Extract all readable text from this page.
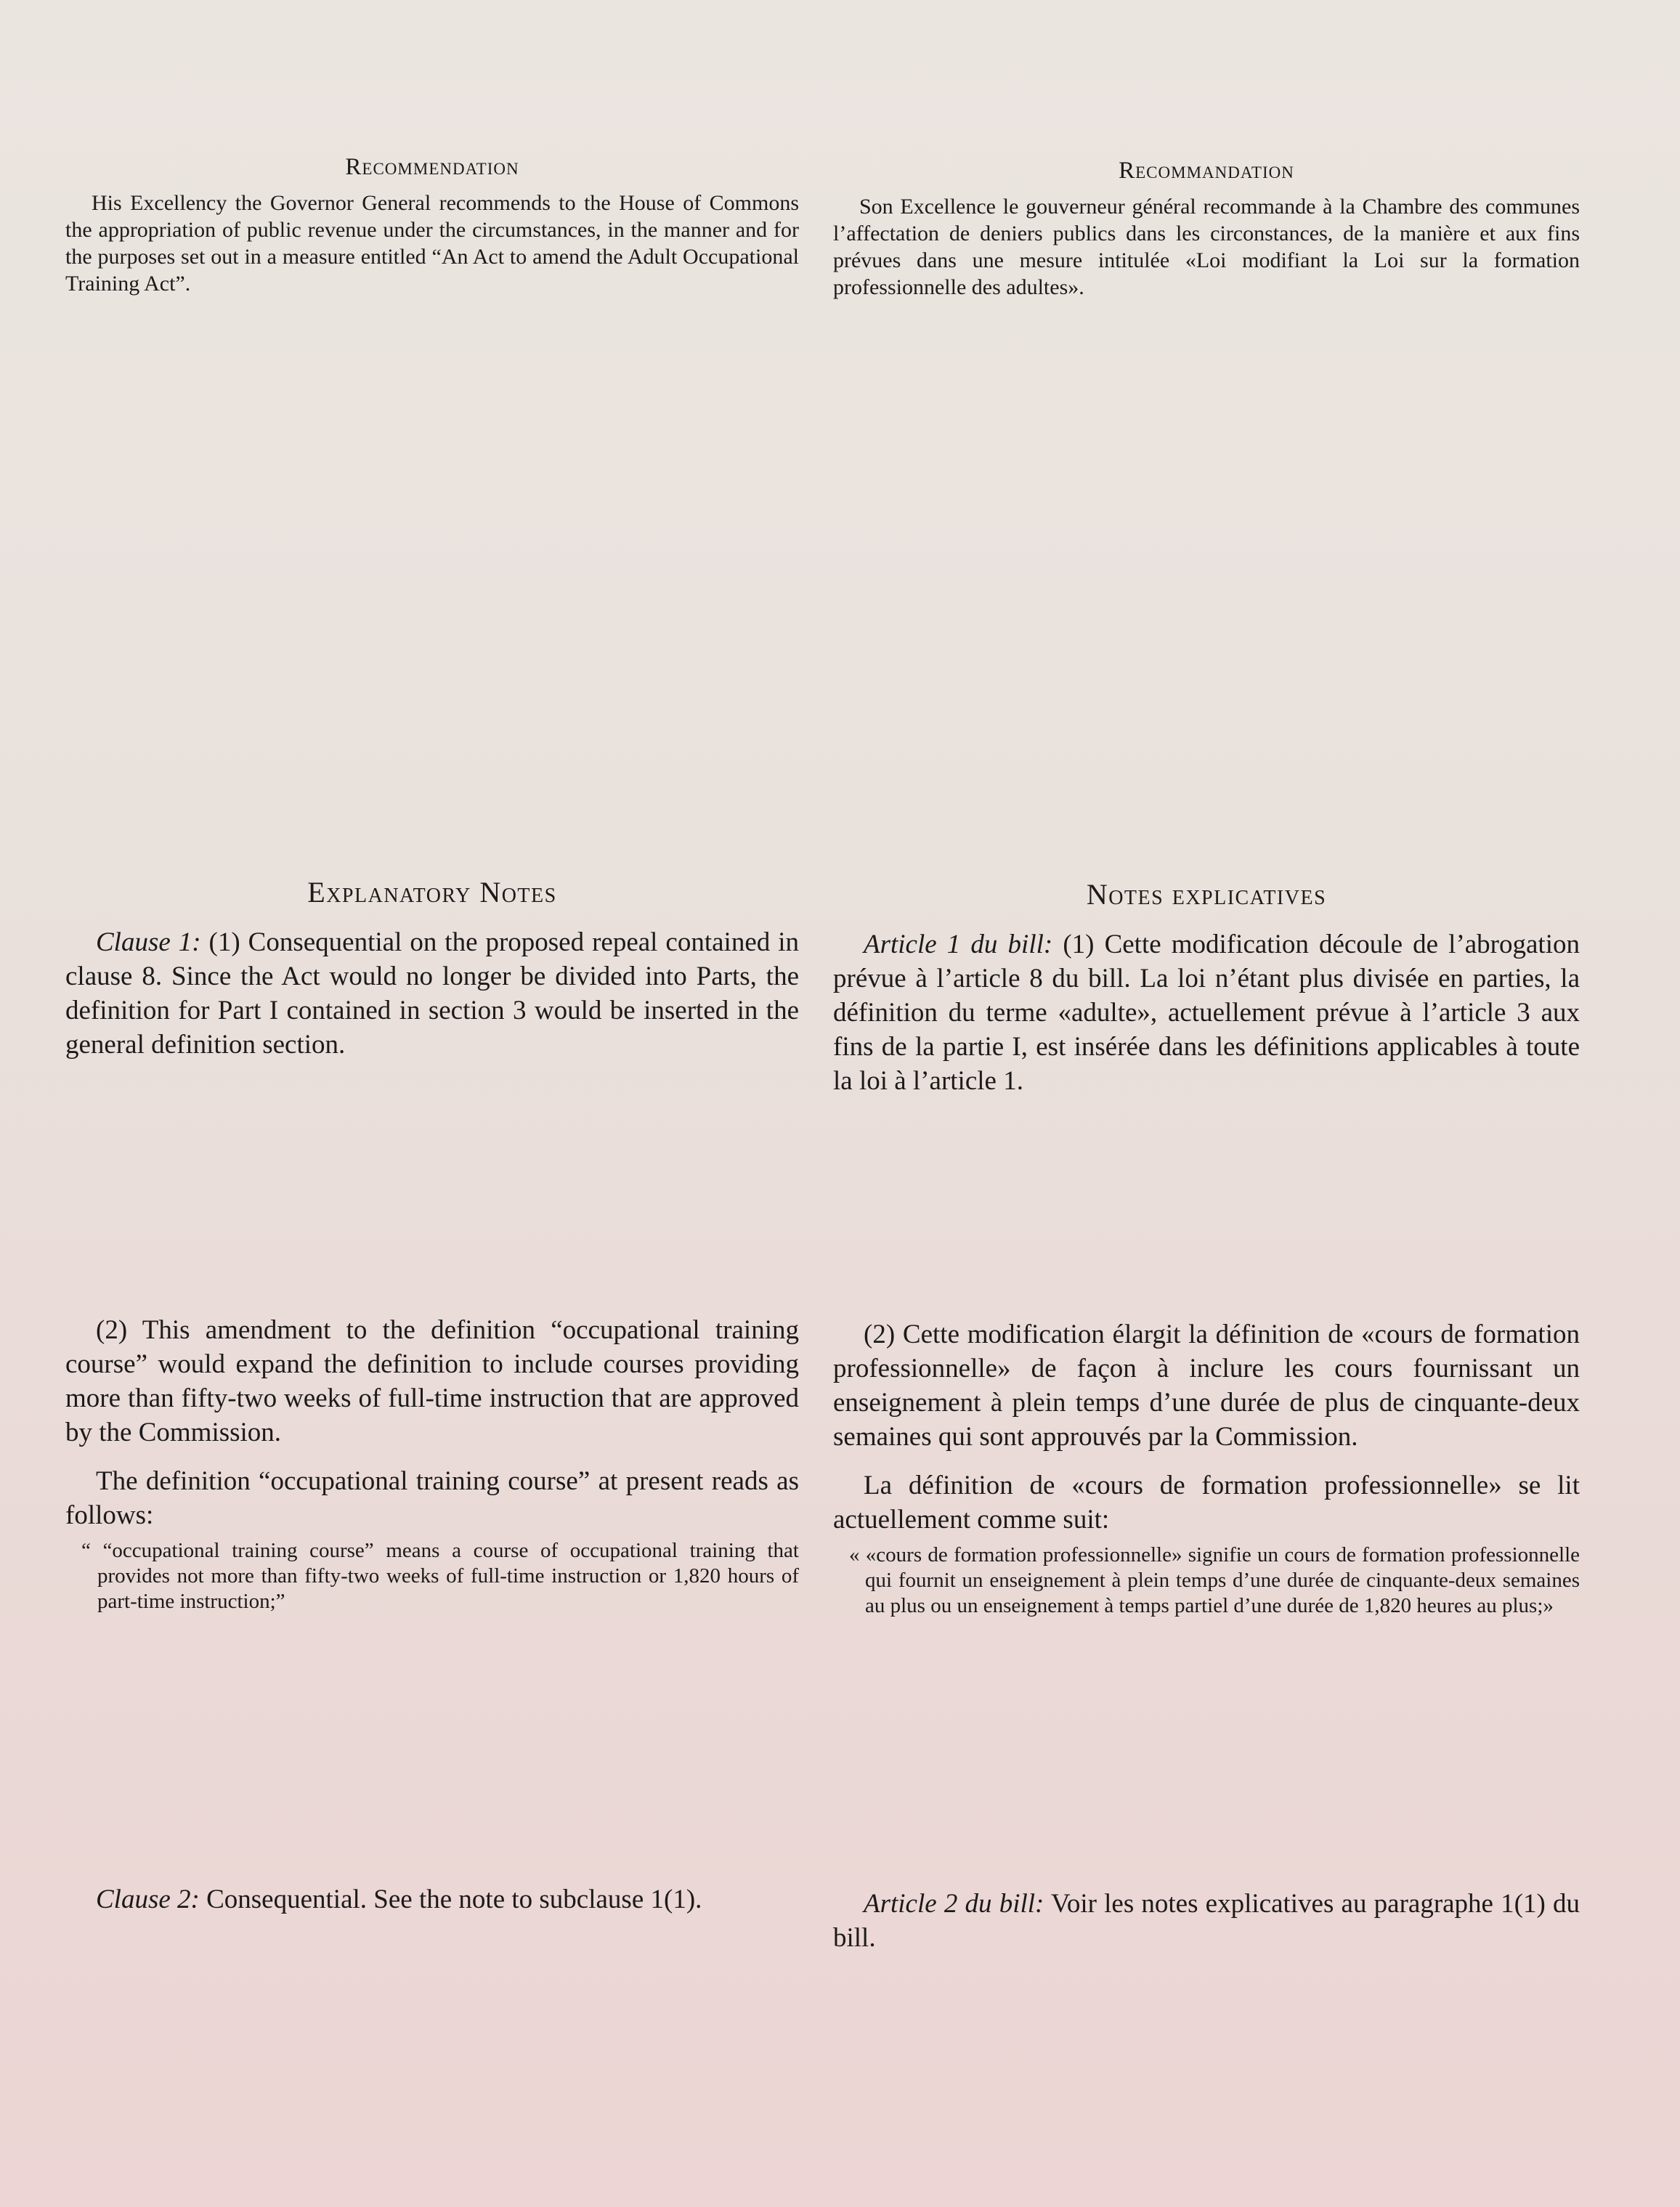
Recommendation

His Excellency the Governor General recommends to the House of Commons the appropriation of public revenue under the circumstances, in the manner and for the purposes set out in a measure entitled “An Act to amend the Adult Occupational Training Act”.

Explanatory Notes

Clause 1: (1) Consequential on the proposed repeal contained in clause 8. Since the Act would no longer be divided into Parts, the definition for Part I contained in section 3 would be inserted in the general definition section.

(2) This amendment to the definition “occupational training course” would expand the definition to include courses providing more than fifty-two weeks of full-time instruction that are approved by the Commission.

The definition “occupational training course” at present reads as follows:

“ “occupational training course” means a course of occupational training that provides not more than fifty-two weeks of full-time instruction or 1,820 hours of part-time instruction;”

Clause 2: Consequential. See the note to subclause 1(1).

Recommandation

Son Excellence le gouverneur général recommande à la Chambre des communes l’affectation de deniers publics dans les circonstances, de la manière et aux fins prévues dans une mesure intitulée «Loi modifiant la Loi sur la formation professionnelle des adultes».

Notes explicatives

Article 1 du bill: (1) Cette modification découle de l’abrogation prévue à l’article 8 du bill. La loi n’étant plus divisée en parties, la définition du terme «adulte», actuellement prévue à l’article 3 aux fins de la partie I, est insérée dans les définitions applicables à toute la loi à l’article 1.

(2) Cette modification élargit la définition de «cours de formation professionnelle» de façon à inclure les cours fournissant un enseignement à plein temps d’une durée de plus de cinquante-deux semaines qui sont approuvés par la Commission.

La définition de «cours de formation professionnelle» se lit actuellement comme suit:

« «cours de formation professionnelle» signifie un cours de formation professionnelle qui fournit un enseignement à plein temps d’une durée de cinquante-deux semaines au plus ou un enseignement à temps partiel d’une durée de 1,820 heures au plus;»

Article 2 du bill: Voir les notes explicatives au paragraphe 1(1) du bill.
